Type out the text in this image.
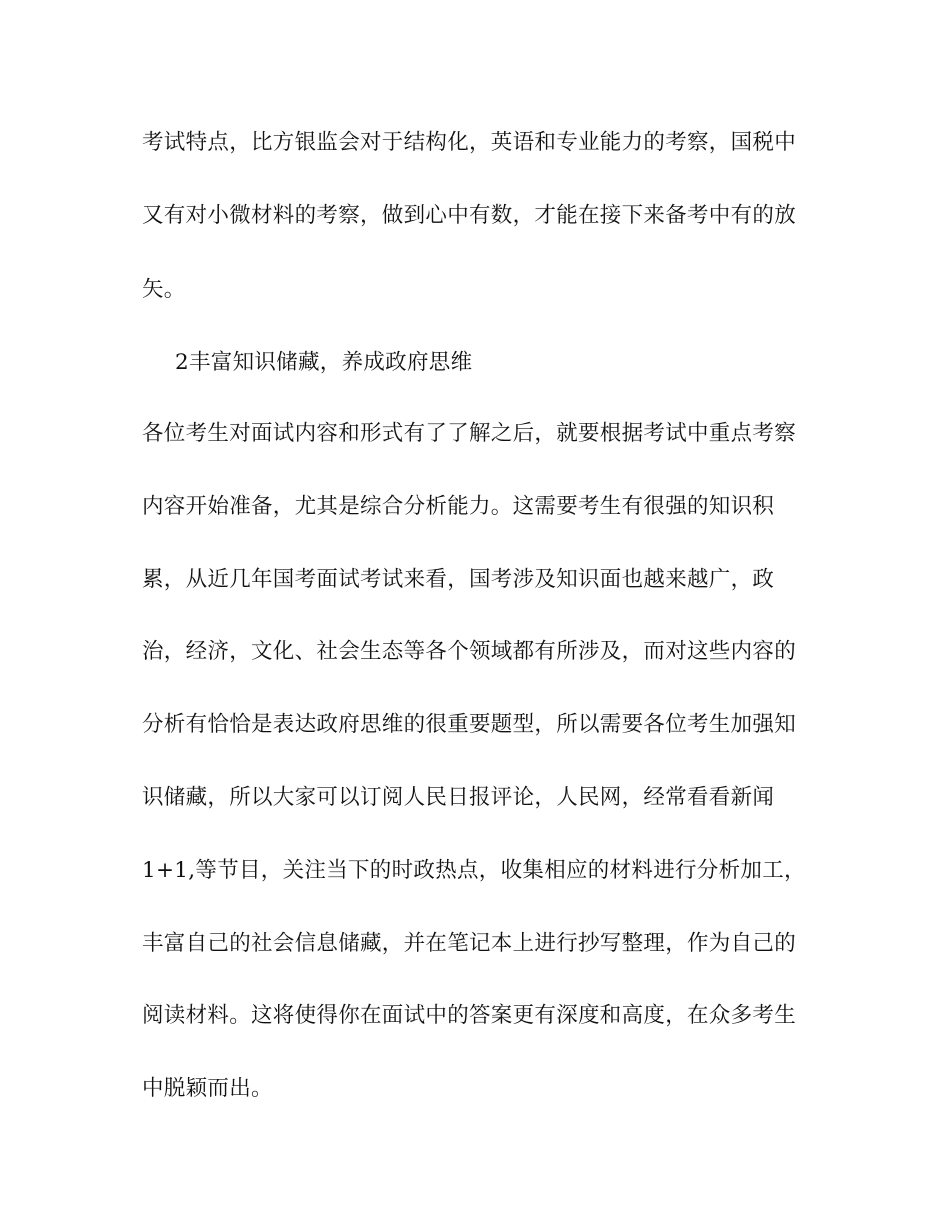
考试特点，比方银监会对于结构化，英语和专业能力的考察，国税中
又有对小微材料的考察，做到心中有数，才能在接下来备考中有的放
矢。
2丰富知识储藏，养成政府思维
各位考生对面试内容和形式有了了解之后，就要根据考试中重点考察
内容开始准备，尤其是综合分析能力。这需要考生有很强的知识积
累，从近几年国考面试考试来看，国考涉及知识面也越来越广，政
治，经济，文化、社会生态等各个领域都有所涉及，而对这些内容的
分析有恰恰是表达政府思维的很重要题型，所以需要各位考生加强知
识储藏，所以大家可以订阅人民日报评论，人民网，经常看看新闻
1+1,等节目，关注当下的时政热点，收集相应的材料进行分析加工，
丰富自己的社会信息储藏，并在笔记本上进行抄写整理，作为自己的
阅读材料。这将使得你在面试中的答案更有深度和高度，在众多考生
中脱颖而出。
